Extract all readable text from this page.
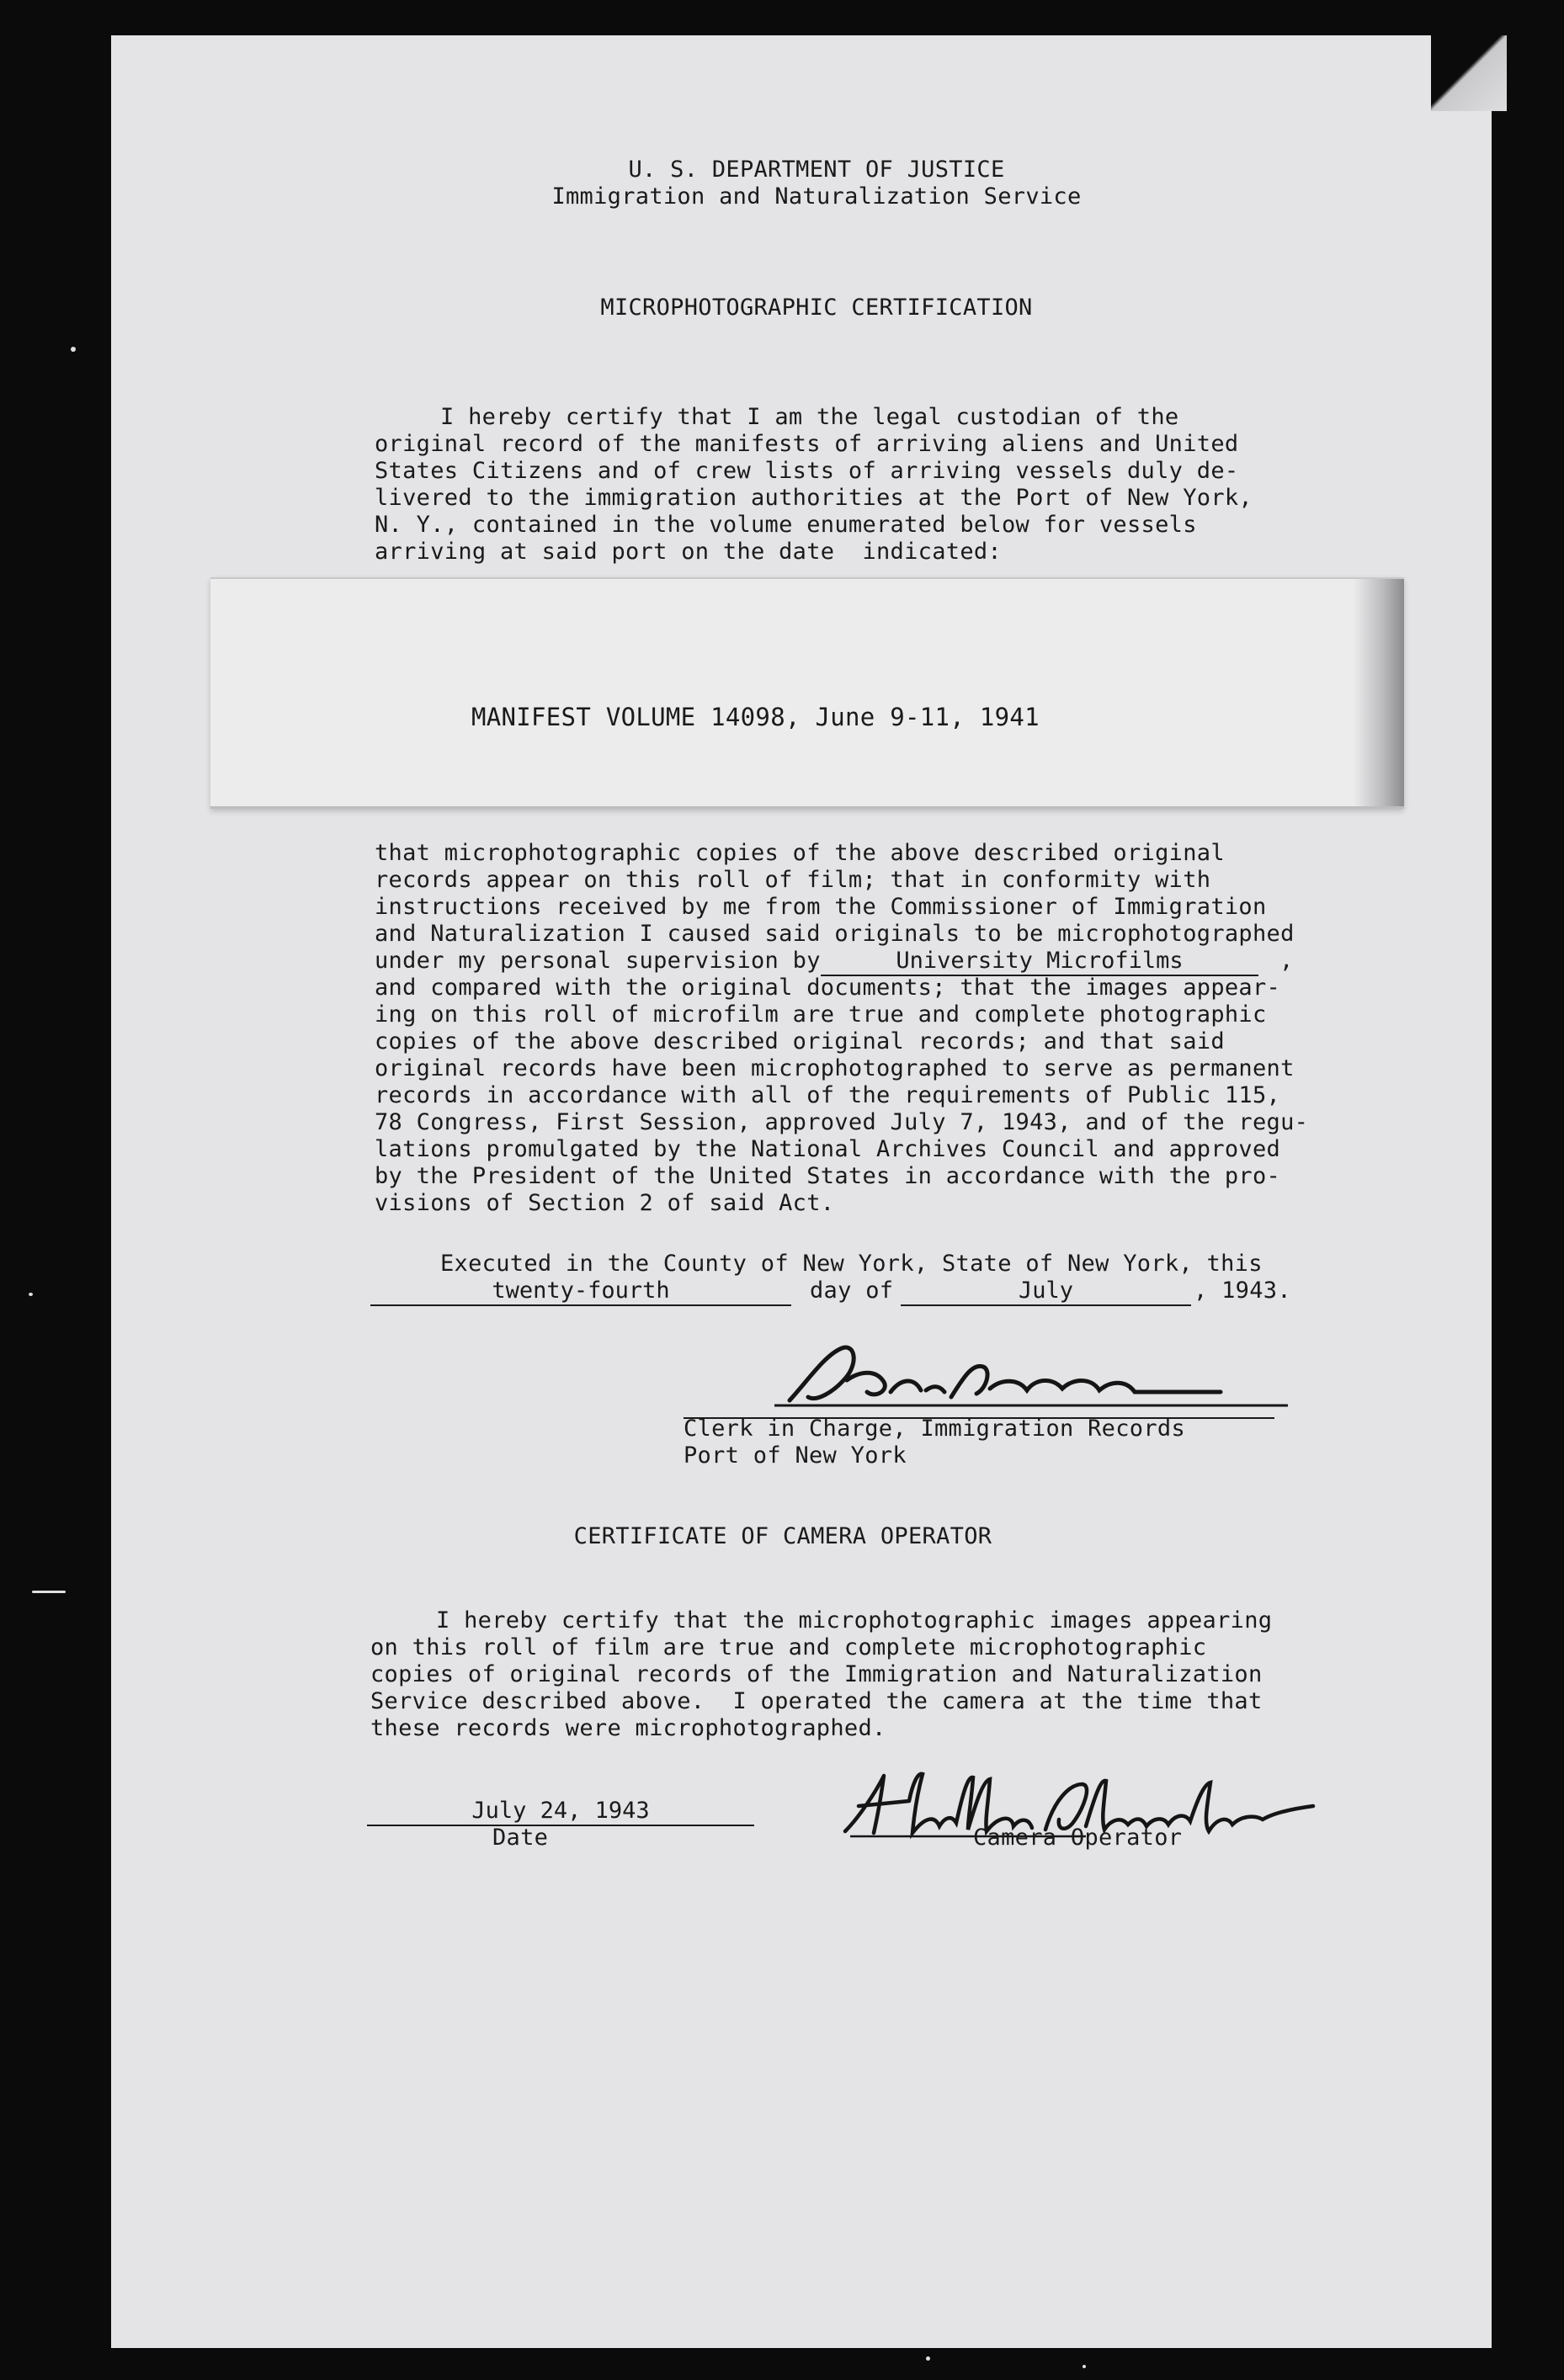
U. S. DEPARTMENT OF JUSTICE
Immigration and Naturalization Service
MICROPHOTOGRAPHIC CERTIFICATION
I hereby certify that I am the legal custodian of the
original record of the manifests of arriving aliens and United
States Citizens and of crew lists of arriving vessels duly de-
livered to the immigration authorities at the Port of New York,
N. Y., contained in the volume enumerated below for vessels
arriving at said port on the date  indicated:
MANIFEST VOLUME 14098, June 9-11, 1941
that microphotographic copies of the above described original
records appear on this roll of film; that in conformity with
instructions received by me from the Commissioner of Immigration
and Naturalization I caused said originals to be microphotographed
under my personal supervision by	University Microfilms	,
and compared with the original documents; that the images appear-
ing on this roll of microfilm are true and complete photographic
copies of the above described original records; and that said
original records have been microphotographed to serve as permanent
records in accordance with all of the requirements of Public 115,
78 Congress, First Session, approved July 7, 1943, and of the regu-
lations promulgated by the National Archives Council and approved
by the President of the United States in accordance with the pro-
visions of Section 2 of said Act.
Executed in the County of New York, State of New York, this
twenty-fourth	day of	July	, 1943.
Clerk in Charge, Immigration Records
Port of New York
CERTIFICATE OF CAMERA OPERATOR
I hereby certify that the microphotographic images appearing
on this roll of film are true and complete microphotographic
copies of original records of the Immigration and Naturalization
Service described above.  I operated the camera at the time that
these records were microphotographed.
July 24, 1943
Date	Camera Operator
